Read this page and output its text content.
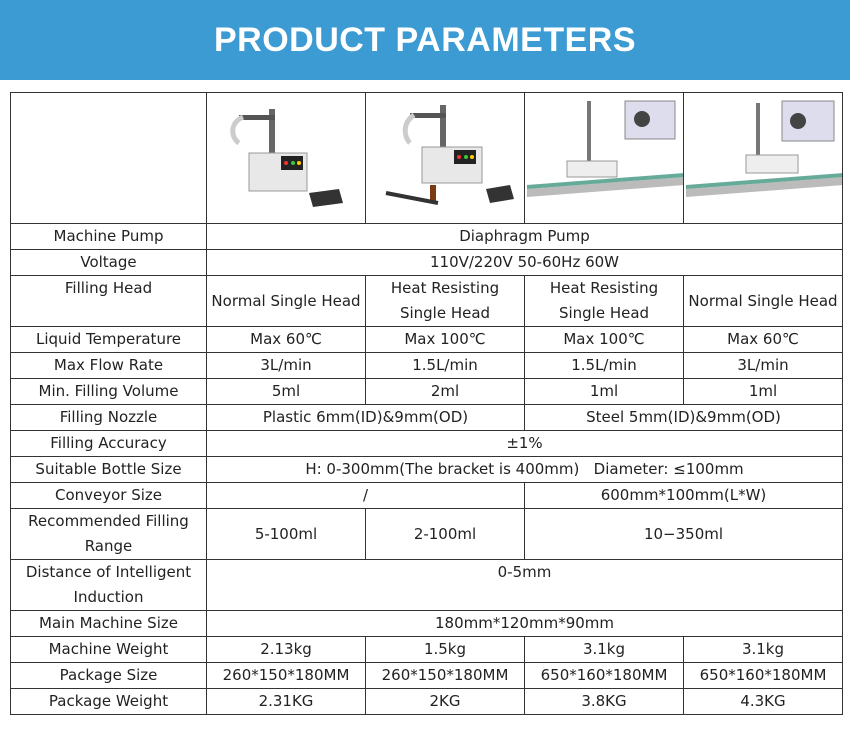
PRODUCT PARAMETERS

Machine Pump	Diaphragm Pump			
Voltage	110V/220V 50-60Hz 60W			
Filling Head	Normal Single Head	Heat Resisting Single Head	Heat Resisting Single Head	Normal Single Head
Liquid Temperature	Max 60℃	Max 100℃	Max 100℃	Max 60℃
Max Flow Rate	3L/min	1.5L/min	1.5L/min	3L/min
Min. Filling Volume	5ml	2ml	1ml	1ml
Filling Nozzle	Plastic 6mm(ID)&9mm(OD)		Steel 5mm(ID)&9mm(OD)	
Filling Accuracy	±1%			
Suitable Bottle Size	H: 0-300mm(The bracket is 400mm)   Diameter: ≤100mm			
Conveyor Size	/		600mm*100mm(L*W)	
Recommended Filling Range	5-100ml	2-100ml	10−350ml	
Distance of Intelligent Induction	0-5mm			
Main Machine Size	180mm*120mm*90mm			
Machine Weight	2.13kg	1.5kg	3.1kg	3.1kg
Package Size	260*150*180MM	260*150*180MM	650*160*180MM	650*160*180MM
Package Weight	2.31KG	2KG	3.8KG	4.3KG
